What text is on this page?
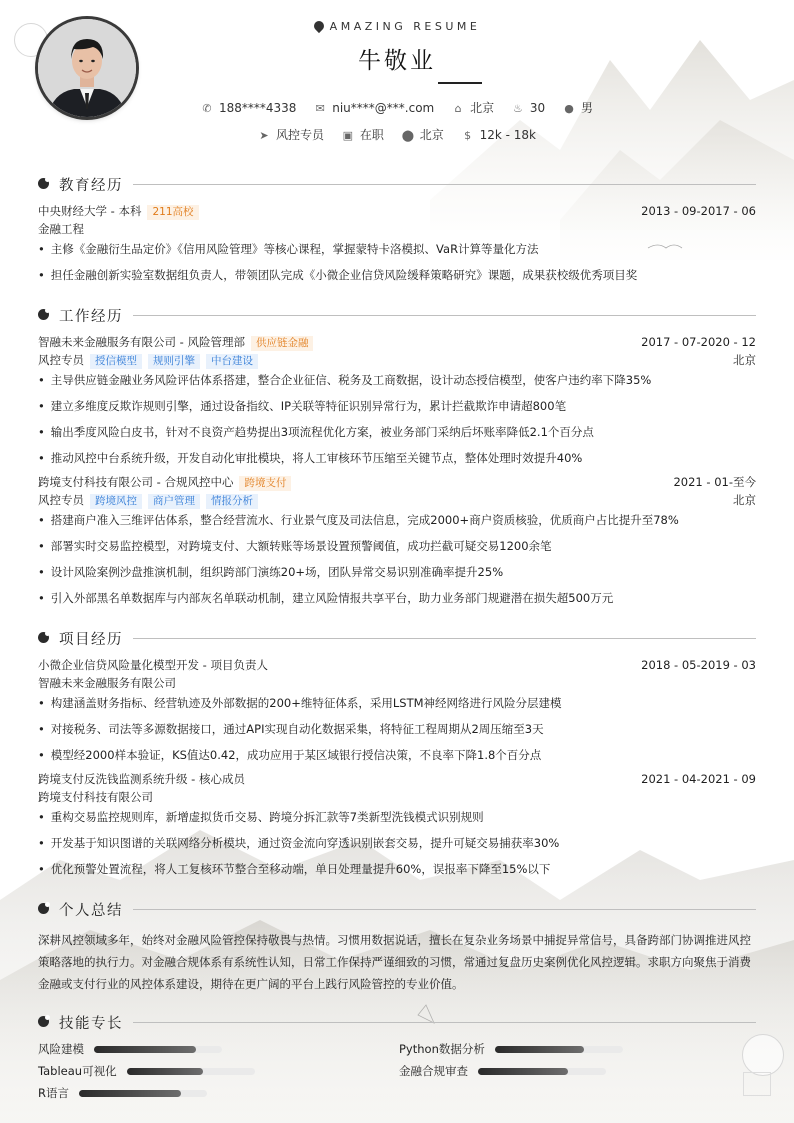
AMAZING RESUME
牛敬业
✆ 188****4338 ✉ niu****@***.com ⌂ 北京 ♨ 30 ● 男
➤ 风控专员 ▣ 在职 ⬤ 北京 $ 12k - 18k
教育经历
中央财经大学 - 本科 211高校	2013 - 09-2017 - 06
金融工程
• 主修《金融衍生品定价》《信用风险管理》等核心课程，掌握蒙特卡洛模拟、VaR计算等量化方法
• 担任金融创新实验室数据组负责人，带领团队完成《小微企业信贷风险缓释策略研究》课题，成果获校级优秀项目奖
工作经历
智融未来金融服务有限公司 - 风险管理部 供应链金融	2017 - 07-2020 - 12
风控专员 授信模型 规则引擎 中台建设	北京
• 主导供应链金融业务风险评估体系搭建，整合企业征信、税务及工商数据，设计动态授信模型，使客户违约率下降35%
• 建立多维度反欺诈规则引擎，通过设备指纹、IP关联等特征识别异常行为，累计拦截欺诈申请超800笔
• 输出季度风险白皮书，针对不良资产趋势提出3项流程优化方案，被业务部门采纳后坏账率降低2.1个百分点
• 推动风控中台系统升级，开发自动化审批模块，将人工审核环节压缩至关键节点，整体处理时效提升40%
跨境支付科技有限公司 - 合规风控中心 跨境支付	2021 - 01-至今
风控专员 跨境风控 商户管理 情报分析	北京
• 搭建商户准入三维评估体系，整合经营流水、行业景气度及司法信息，完成2000+商户资质核验，优质商户占比提升至78%
• 部署实时交易监控模型，对跨境支付、大额转账等场景设置预警阈值，成功拦截可疑交易1200余笔
• 设计风险案例沙盘推演机制，组织跨部门演练20+场，团队异常交易识别准确率提升25%
• 引入外部黑名单数据库与内部灰名单联动机制，建立风险情报共享平台，助力业务部门规避潜在损失超500万元
项目经历
小微企业信贷风险量化模型开发 - 项目负责人	2018 - 05-2019 - 03
智融未来金融服务有限公司
• 构建涵盖财务指标、经营轨迹及外部数据的200+维特征体系，采用LSTM神经网络进行风险分层建模
• 对接税务、司法等多源数据接口，通过API实现自动化数据采集，将特征工程周期从2周压缩至3天
• 模型经2000样本验证，KS值达0.42，成功应用于某区域银行授信决策，不良率下降1.8个百分点
跨境支付反洗钱监测系统升级 - 核心成员	2021 - 04-2021 - 09
跨境支付科技有限公司
• 重构交易监控规则库，新增虚拟货币交易、跨境分拆汇款等7类新型洗钱模式识别规则
• 开发基于知识图谱的关联网络分析模块，通过资金流向穿透识别嵌套交易，提升可疑交易捕获率30%
• 优化预警处置流程，将人工复核环节整合至移动端，单日处理量提升60%，误报率下降至15%以下
个人总结
深耕风控领域多年，始终对金融风险管控保持敬畏与热情。习惯用数据说话，擅长在复杂业务场景中捕捉异常信号，具备跨部门协调推进风控策略落地的执行力。对金融合规体系有系统性认知，日常工作保持严谨细致的习惯，常通过复盘历史案例优化风控逻辑。求职方向聚焦于消费金融或支付行业的风控体系建设，期待在更广阔的平台上践行风险管控的专业价值。
技能专长
风险建模	Python数据分析
Tableau可视化	金融合规审查
R语言
